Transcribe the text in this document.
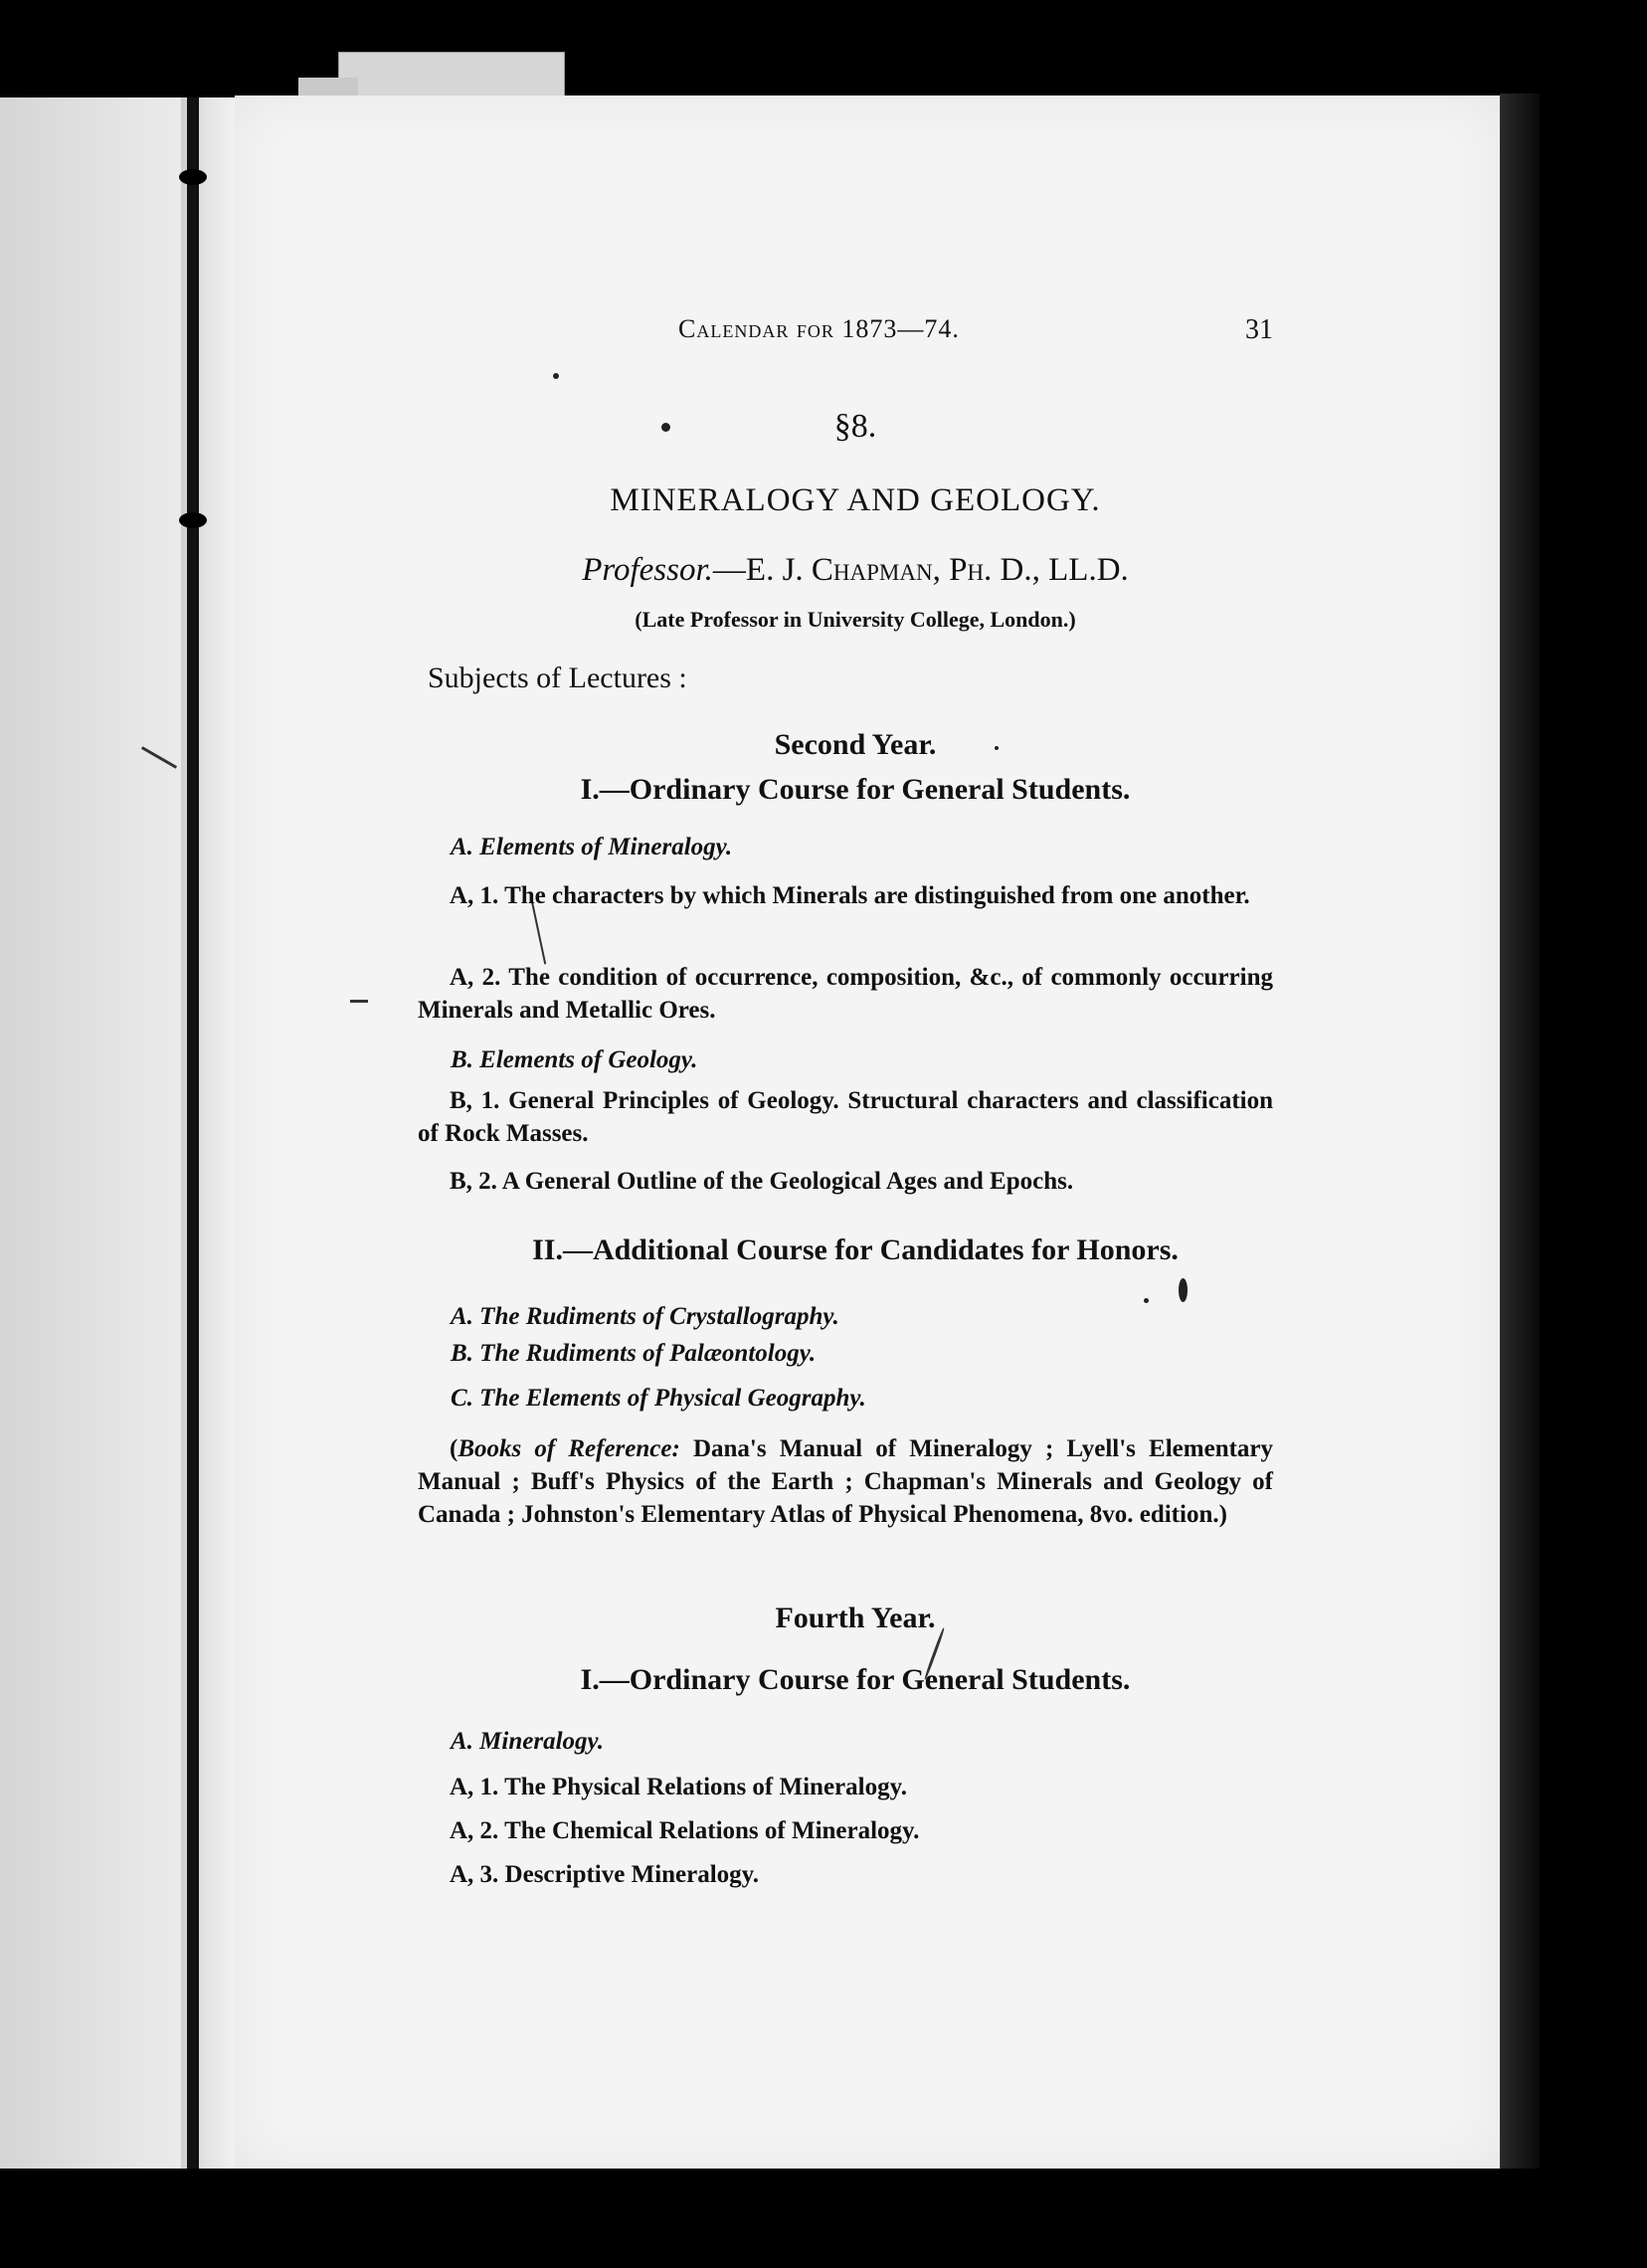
Calendar for 1873—74.	31
§8.
MINERALOGY AND GEOLOGY.
Professor.—E. J. Chapman, Ph. D., LL.D.
(Late Professor in University College, London.)
Subjects of Lectures :
Second Year.
I.—Ordinary Course for General Students.
A. Elements of Mineralogy.
A, 1. The characters by which Minerals are distinguished from one another.
A, 2. The condition of occurrence, composition, &c., of commonly occurring Minerals and Metallic Ores.
B. Elements of Geology.
B, 1. General Principles of Geology. Structural characters and classification of Rock Masses.
B, 2. A General Outline of the Geological Ages and Epochs.
II.—Additional Course for Candidates for Honors.
A. The Rudiments of Crystallography.
B. The Rudiments of Palæontology.
C. The Elements of Physical Geography.
(Books of Reference: Dana's Manual of Mineralogy ; Lyell's Elementary Manual ; Buff's Physics of the Earth ; Chapman's Minerals and Geology of Canada ; Johnston's Elementary Atlas of Physical Phenomena, 8vo. edition.)
Fourth Year.
I.—Ordinary Course for General Students.
A. Mineralogy.
A, 1. The Physical Relations of Mineralogy.
A, 2. The Chemical Relations of Mineralogy.
A, 3. Descriptive Mineralogy.
